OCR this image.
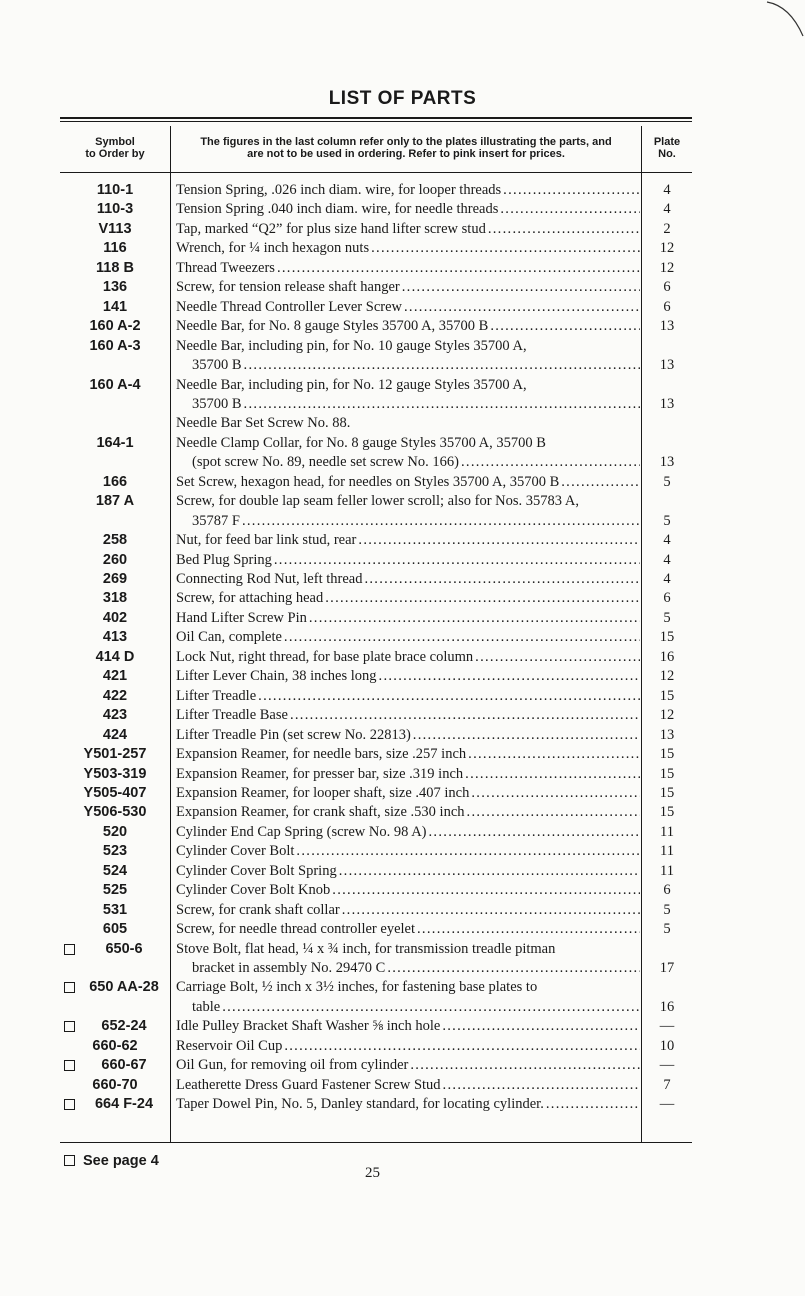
LIST OF PARTS
Symbol
to Order by
The figures in the last column refer only to the plates illustrating the parts, and
are not to be used in ordering. Refer to pink insert for prices.
Plate
No.
110-1	Tension Spring, .026 inch diam. wire, for looper threads .....	4
110-3	Tension Spring .040 inch diam. wire, for needle threads .....	4
V113	Tap, marked “Q2” for plus size hand lifter screw stud .....	2
116	Wrench, for ¼ inch hexagon nuts .....	12
118 B	Thread Tweezers .....	12
136	Screw, for tension release shaft hanger .....	6
141	Needle Thread Controller Lever Screw .....	6
160 A-2	Needle Bar, for No. 8 gauge Styles 35700 A, 35700 B .....	13
160 A-3	Needle Bar, including pin, for No. 10 gauge Styles 35700 A,
35700 B .....	13
160 A-4	Needle Bar, including pin, for No. 12 gauge Styles 35700 A,
35700 B .....	13
Needle Bar Set Screw No. 88.
164-1	Needle Clamp Collar, for No. 8 gauge Styles 35700 A, 35700 B
(spot screw No. 89, needle set screw No. 166) .....	13
166	Set Screw, hexagon head, for needles on Styles 35700 A, 35700 B .....	5
187 A	Screw, for double lap seam feller lower scroll; also for Nos. 35783 A,
35787 F .....	5
258	Nut, for feed bar link stud, rear .....	4
260	Bed Plug Spring .....	4
269	Connecting Rod Nut, left thread .....	4
318	Screw, for attaching head .....	6
402	Hand Lifter Screw Pin .....	5
413	Oil Can, complete .....	15
414 D	Lock Nut, right thread, for base plate brace column .....	16
421	Lifter Lever Chain, 38 inches long .....	12
422	Lifter Treadle .....	15
423	Lifter Treadle Base .....	12
424	Lifter Treadle Pin (set screw No. 22813) .....	13
Y501-257	Expansion Reamer, for needle bars, size .257 inch .....	15
Y503-319	Expansion Reamer, for presser bar, size .319 inch .....	15
Y505-407	Expansion Reamer, for looper shaft, size .407 inch .....	15
Y506-530	Expansion Reamer, for crank shaft, size .530 inch .....	15
520	Cylinder End Cap Spring (screw No. 98 A) .....	11
523	Cylinder Cover Bolt .....	11
524	Cylinder Cover Bolt Spring .....	11
525	Cylinder Cover Bolt Knob .....	6
531	Screw, for crank shaft collar .....	5
605	Screw, for needle thread controller eyelet .....	5
650-6	Stove Bolt, flat head, ¼ x ¾ inch, for transmission treadle pitman
bracket in assembly No. 29470 C .....	17
650 AA-28	Carriage Bolt, ½ inch x 3½ inches, for fastening base plates to
table .....	16
652-24	Idle Pulley Bracket Shaft Washer ⅝ inch hole .....	—
660-62	Reservoir Oil Cup .....	10
660-67	Oil Gun, for removing oil from cylinder .....	—
660-70	Leatherette Dress Guard Fastener Screw Stud .....	7
664 F-24	Taper Dowel Pin, No. 5, Danley standard, for locating cylinder. .....	—
See page 4
25
